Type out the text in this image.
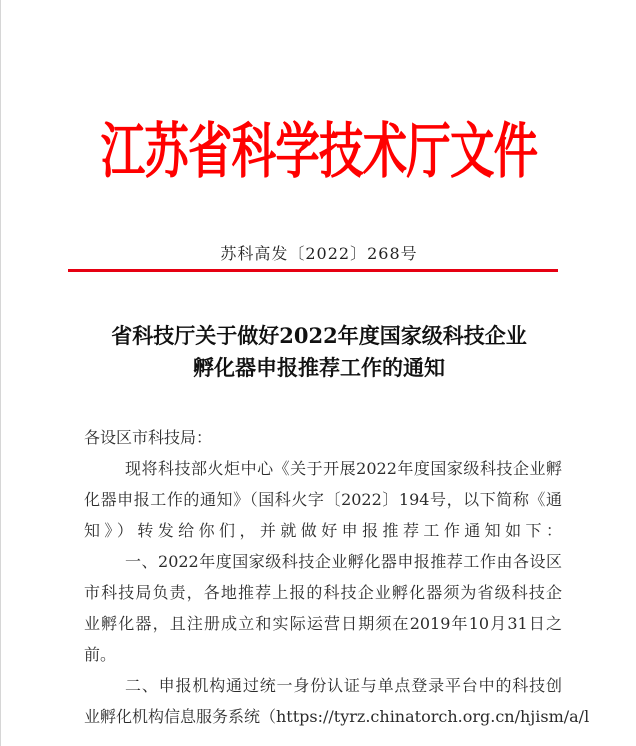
江苏省科学技术厅文件
苏科高发〔2022〕268号
省科技厅关于做好2022年度国家级科技企业
孵化器申报推荐工作的通知
各设区市科技局：
现将科技部火炬中心《关于开展2022年度国家级科技企业孵
化器申报工作的通知》（国科火字〔2022〕194号，以下简称《通
知》）转发给你们，并就做好申报推荐工作通知如下：
一、2022年度国家级科技企业孵化器申报推荐工作由各设区
市科技局负责，各地推荐上报的科技企业孵化器须为省级科技企
业孵化器，且注册成立和实际运营日期须在2019年10月31日之
前。
二、申报机构通过统一身份认证与单点登录平台中的科技创
业孵化机构信息服务系统（https://tyrz.chinatorch.org.cn/hjism/a/l
